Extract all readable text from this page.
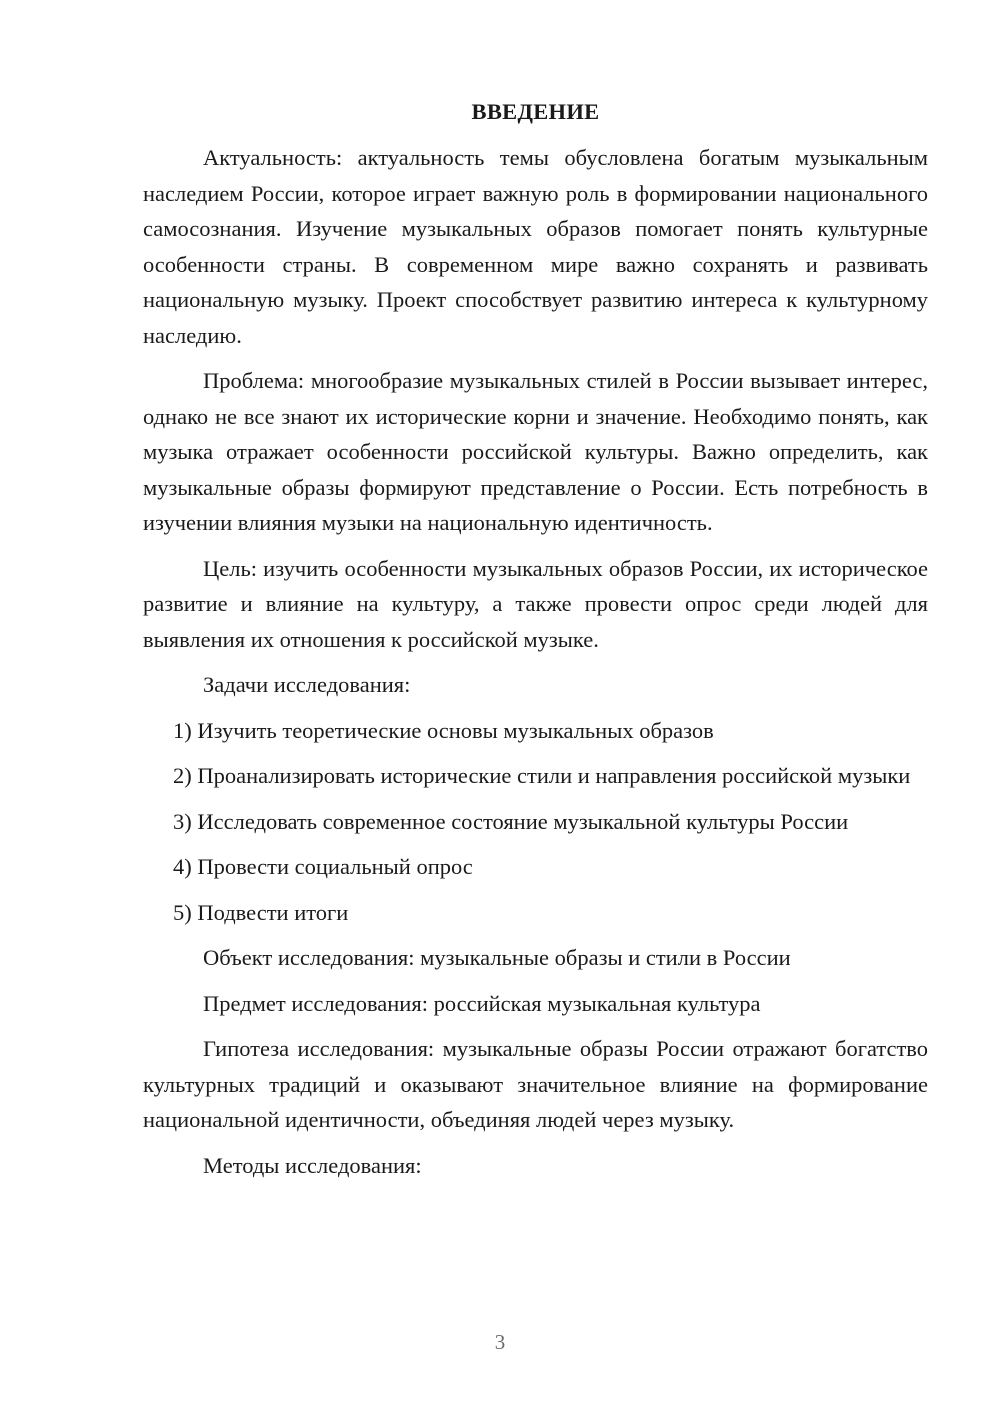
ВВЕДЕНИЕ
Актуальность: актуальность темы обусловлена богатым музыкальным наследием России, которое играет важную роль в формировании национального самосознания. Изучение музыкальных образов помогает понять культурные особенности страны. В современном мире важно сохранять и развивать национальную музыку. Проект способствует развитию интереса к культурному наследию.
Проблема: многообразие музыкальных стилей в России вызывает интерес, однако не все знают их исторические корни и значение. Необходимо понять, как музыка отражает особенности российской культуры. Важно определить, как музыкальные образы формируют представление о России. Есть потребность в изучении влияния музыки на национальную идентичность.
Цель: изучить особенности музыкальных образов России, их историческое развитие и влияние на культуру, а также провести опрос среди людей для выявления их отношения к российской музыке.
Задачи исследования:
1) Изучить теоретические основы музыкальных образов
2) Проанализировать исторические стили и направления российской музыки
3) Исследовать современное состояние музыкальной культуры России
4) Провести социальный опрос
5) Подвести итоги
Объект исследования: музыкальные образы и стили в России
Предмет исследования: российская музыкальная культура
Гипотеза исследования: музыкальные образы России отражают богатство культурных традиций и оказывают значительное влияние на формирование национальной идентичности, объединяя людей через музыку.
Методы исследования:
3
